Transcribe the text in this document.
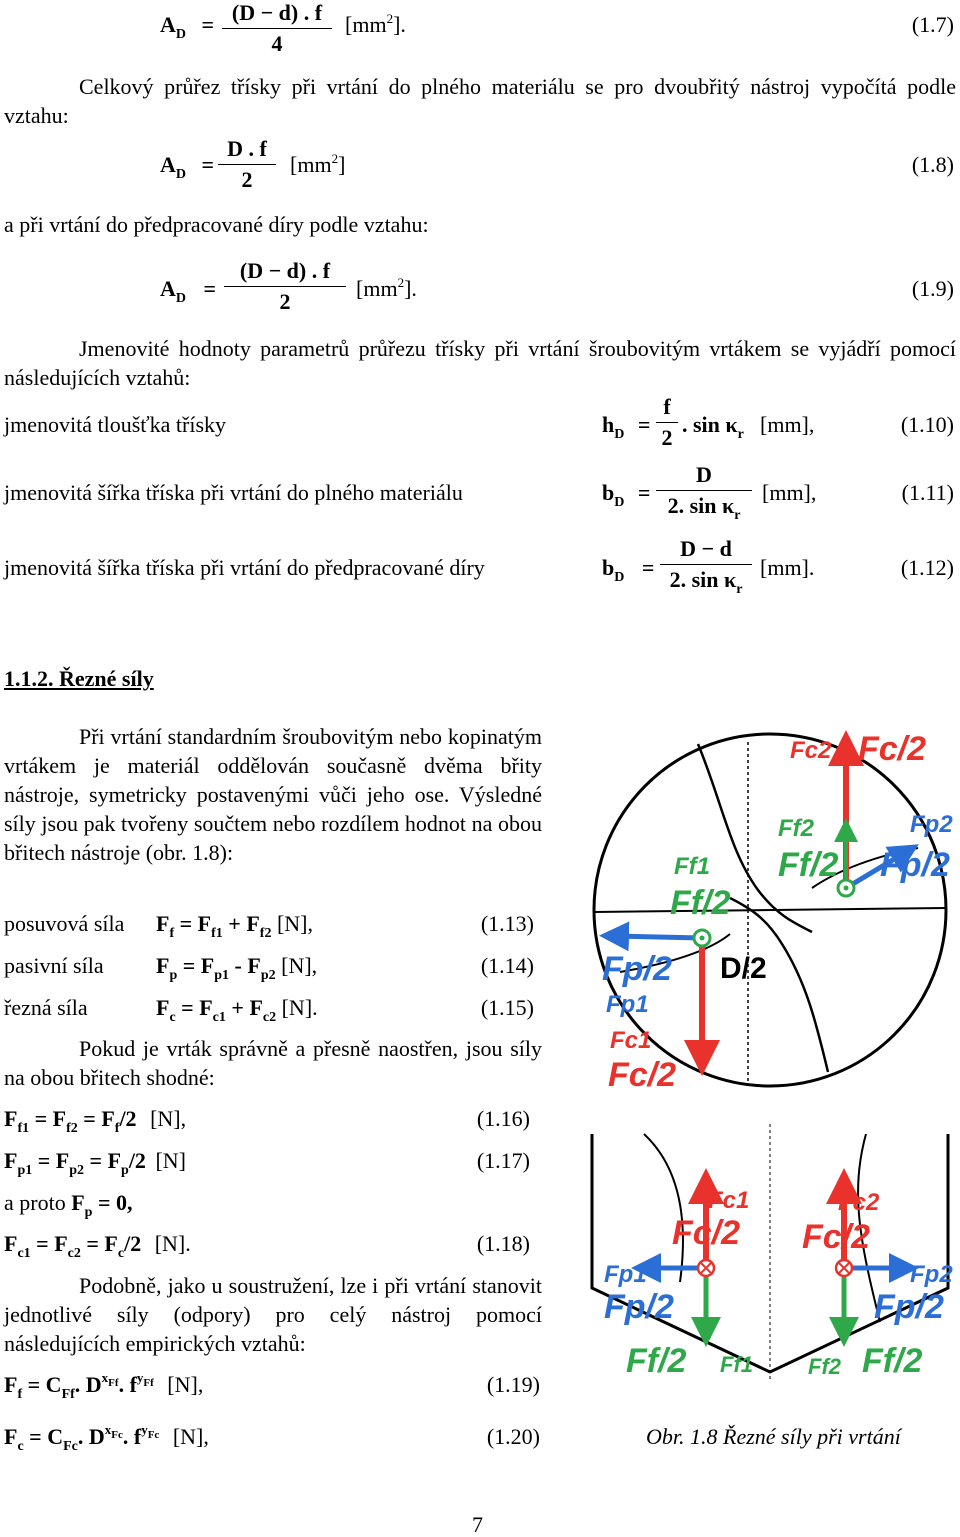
$A_D = (D - d)$ . f
4
$[mm^2]$.	(1.7)

Celkový průřez třísky při vrtání do plného materiálu se pro dvoubřitý nástroj vypočítá podle vztahu:

$A_D$ =
D . f
2
$[mm^2]$	(1.8)
a při vrtání do předpracované díry podle vztahu:
$A_D$ =
(D − d) . f
2
$[mm^2]$.	(1.9)

Jmenovité hodnoty parametrů průřezu třísky při vrtání šroubovitým vrtákem se vyjádří pomocí následujících vztahů:

jmenovitá tloušťka třísky	$h_D$ =
f
2
. $\sin \kappa_r$ [mm],	(1.10)
jmenovitá šířka tříska při vrtání do plného materiálu	$b_D$ =
D
2. $\sin \kappa_r$
[mm],	(1.11)
jmenovitá šířka tříska při vrtání do předpracované díry	$b_D$ =
D − d
2. $\sin \kappa_r$
[mm].	(1.12)
1.1.2. Řezné síly

Při vrtání standardním šroubovitým nebo kopinatým vrtákem je materiál oddělován současně dvěma břity nástroje, symetricky postavenými vůči jeho ose. Výsledné síly jsou pak tvořeny součtem nebo rozdílem hodnot na obou břitech nástroje (obr. 1.8):

posuvová síla $F_f = F_{f1} + F_{f2}$ [N],	(1.13)
pasivní síla $F_p = F_{p1} - F_{p2}$ [N],	(1.14)
řezná síla	$F_c = F_{c1} + F_{c2}$ [N].	(1.15)

Pokud je vrták správně a přesně naostřen, jsou síly na obou břitech shodné:

$F_{f1} = F_{f2} = F_f/2$ [N],	(1.16)
$F_{p1} = F_{p2} = F_p/2$ [N]	(1.17)
a proto $F_p = 0$,
$F_{c1} = F_{c2} = F_c/2$ [N].	(1.18)

Podobně, jako u soustružení, lze i při vrtání stanovit jednotlivé síly (odpory) pro celý nástroj pomocí následujících empirických vztahů:

$F_f = C_{Ff}$. $D^{xFf}$. $f^{yFf}$ [N],	(1.19)
$F_c = C_{Fc}$. $D^{xFc}$. $f^{yFc}$ [N],	(1.20)
Fc2 Fc/2
Ff2	Fp2
Ff1 Ff/2 Fp/2
Ff/2
Fp/2 D/2
Fp1
Fc1
Fc/2
Fc1	Fc2
Fc/2 Fc/2
Fp1	Fp2
Fp/2	Fp/2
Ff/2 Ff1	Ff2 Ff/2
Obr. 1.8 Řezné síly při vrtání
7
